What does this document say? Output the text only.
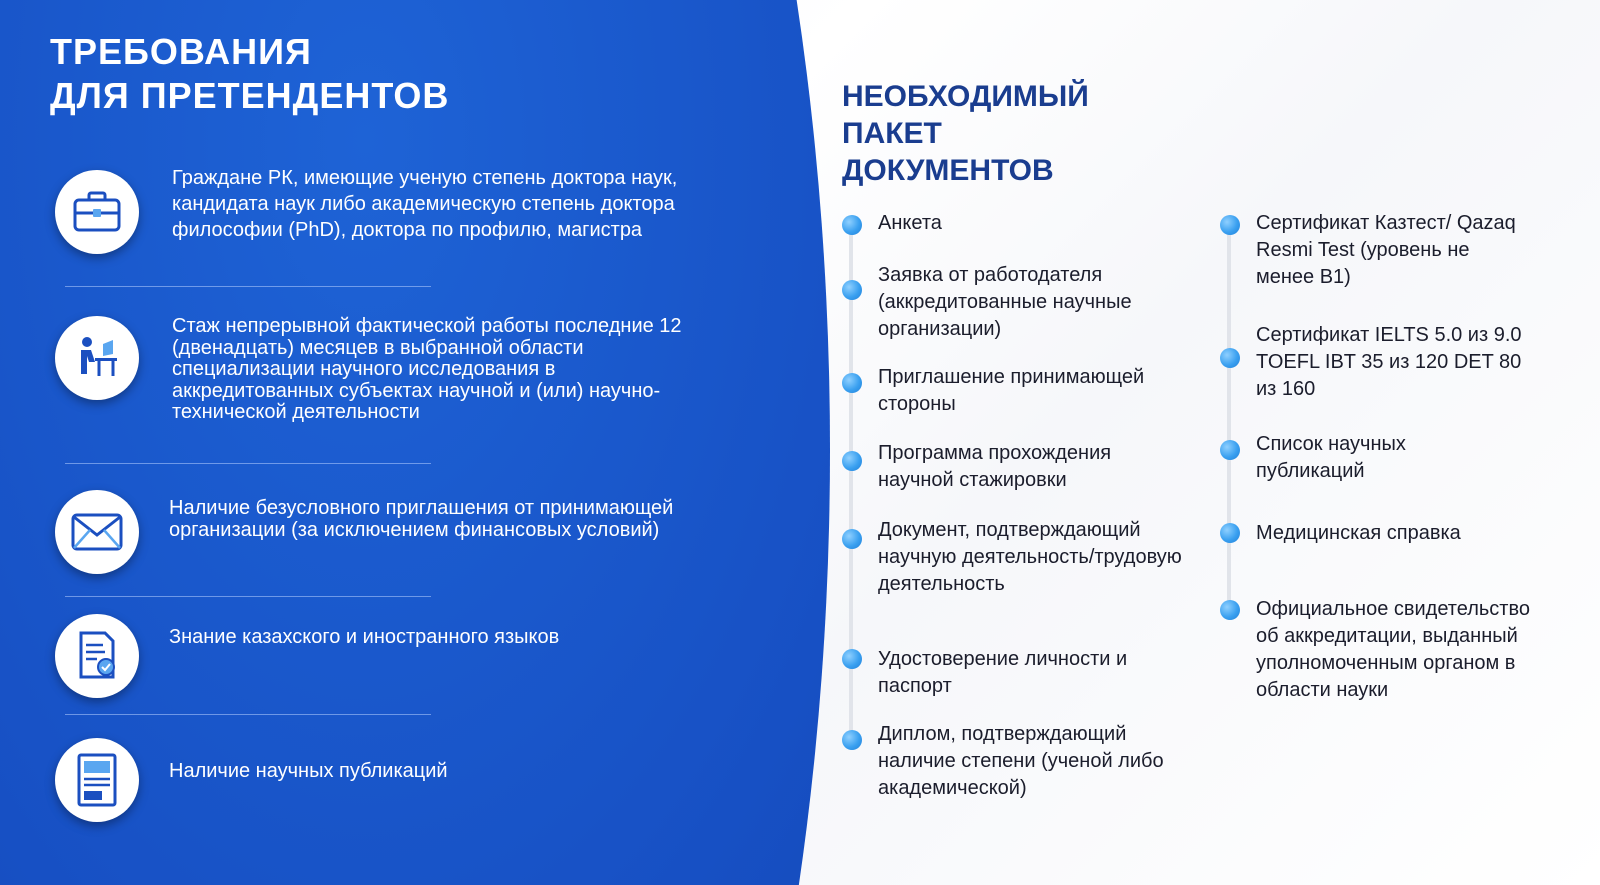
ТРЕБОВАНИЯ
ДЛЯ ПРЕТЕНДЕНТОВ
Граждане РК, имеющие ученую степень доктора наук, кандидата наук либо академическую степень доктора философии (PhD), доктора по профилю, магистра
Стаж непрерывной фактической работы последние 12 (двенадцать) месяцев в выбранной области специализации научного исследования в аккредитованных субъектах научной и (или) научно-технической деятельности
Наличие безусловного приглашения от принимающей организации (за исключением финансовых условий)
Знание казахского и иностранного языков
Наличие научных публикаций
НЕОБХОДИМЫЙ
ПАКЕТ
ДОКУМЕНТОВ
Анкета
Заявка от работодателя (аккредитованные научные организации)
Приглашение принимающей стороны
Программа прохождения научной стажировки
Документ, подтверждающий научную деятельность/трудовую деятельность
Удостоверение личности и паспорт
Диплом, подтверждающий наличие степени (ученой либо академической)
Сертификат Казтест/ Qazaq Resmi Test (уровень не менее В1)
Сертификат IELTS 5.0 из 9.0 TOEFL IBT 35 из 120 DET 80 из 160
Список научных публикаций
Медицинская справка
Официальное свидетельство об аккредитации, выданный уполномоченным органом в области науки
